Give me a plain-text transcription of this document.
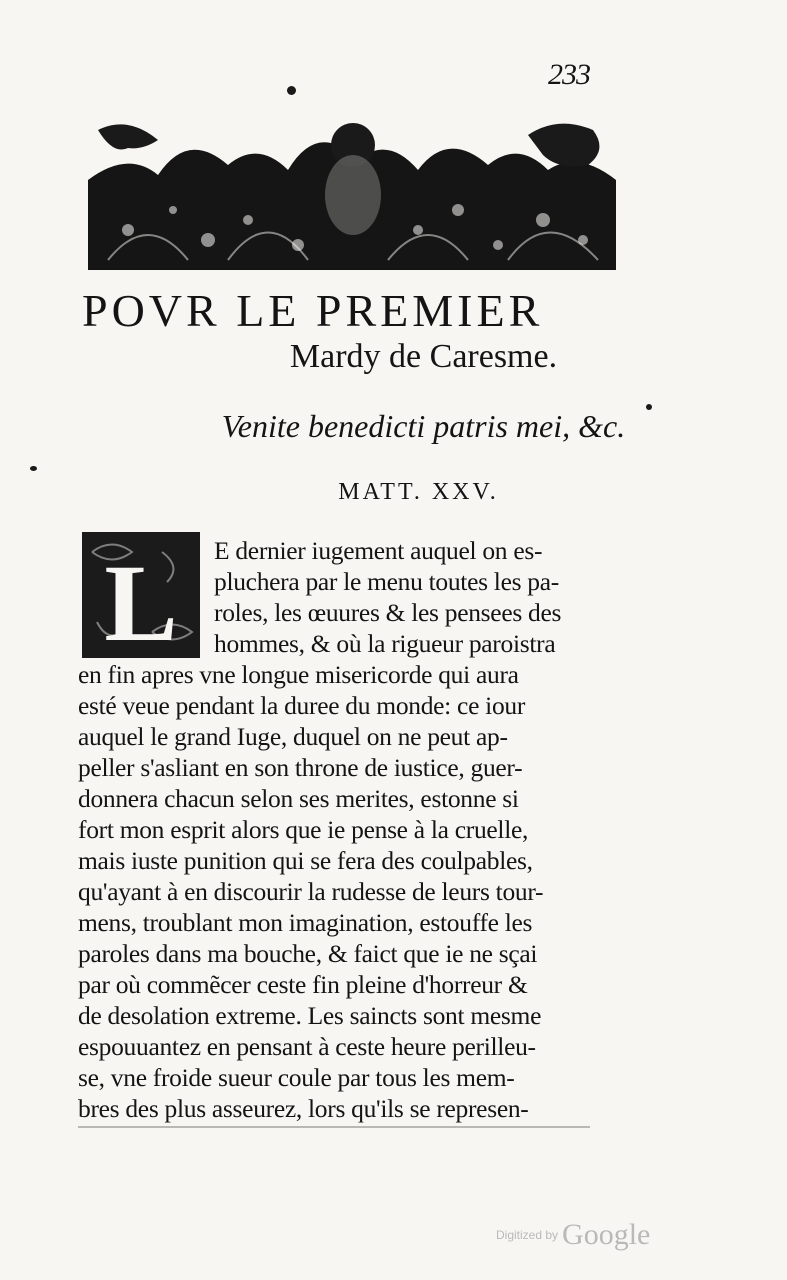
233
POVR LE PREMIER
Mardy de Caresme.
Venite benedicti patris mei, &c.
MATT. XXV.
L E dernier iugement auquel on es-
pluchera par le menu toutes les pa-
roles, les œuures & les pensees des
hommes, & où la rigueur paroistra
en fin apres vne longue misericorde qui aura
esté veue pendant la duree du monde: ce iour
auquel le grand Iuge, duquel on ne peut ap-
peller s'asliant en son throne de iustice, guer-
donnera chacun selon ses merites, estonne si
fort mon esprit alors que ie pense à la cruelle,
mais iuste punition qui se fera des coulpables,
qu'ayant à en discourir la rudesse de leurs tour-
mens, troublant mon imagination, estouffe les
paroles dans ma bouche, & faict que ie ne sçai
par où commẽcer ceste fin pleine d'horreur &
de desolation extreme. Les saincts sont mesme
espouuantez en pensant à ceste heure perilleu-
se, vne froide sueur coule par tous les mem-
bres des plus asseurez, lors qu'ils se represen-
Digitized by Google
